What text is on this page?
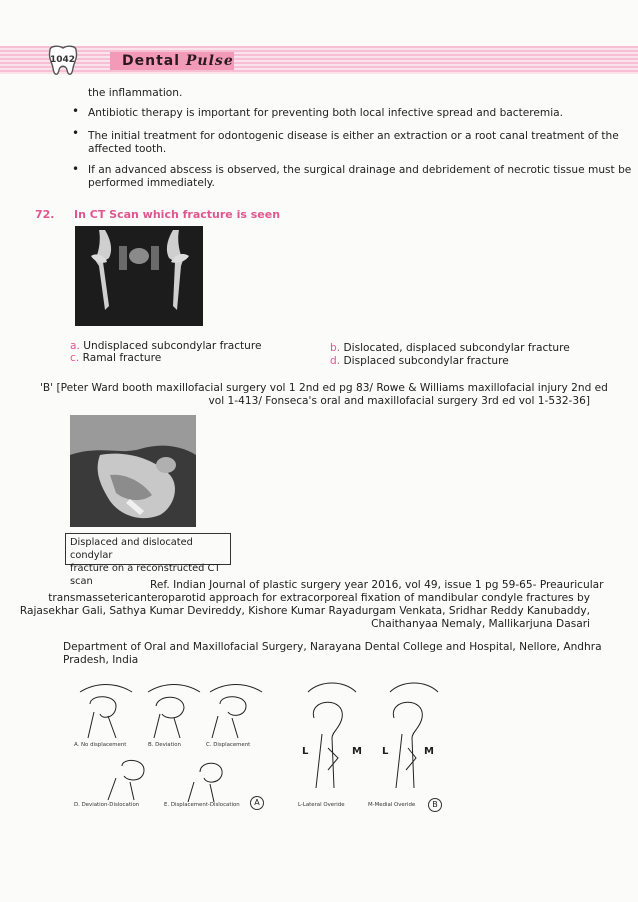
1042	Dental Pulse
the inflammation.
• Antibiotic therapy is important for preventing both local infective spread and bacteremia.
• The initial treatment for odontogenic disease is either an extraction or a root canal treatment of the
affected tooth.
• If an advanced abscess is observed, the surgical drainage and debridement of necrotic tissue must be
performed immediately.
72. In CT Scan which fracture is seen
a. Undisplaced subcondylar fracture	b. Dislocated, displaced subcondylar fracture
c. Ramal fracture	d. Displaced subcondylar fracture
'B' [Peter Ward booth maxillofacial surgery vol 1 2nd ed pg 83/ Rowe & Williams maxillofacial injury 2nd ed
vol 1-413/ Fonseca's oral and maxillofacial surgery 3rd ed vol 1-532-36]
Displaced and dislocated condylar
fracture on a reconstructed CT scan	Ref. Indian Journal of plastic surgery year 2016, vol 49, issue 1 pg 59-65- Preauricular
transmassetericanteroparotid approach for extracorporeal fixation of mandibular condyle fractures by
Rajasekhar Gali, Sathya Kumar Devireddy, Kishore Kumar Rayadurgam Venkata, Sridhar Reddy Kanubaddy,
Chaithanyaa Nemaly, Mallikarjuna Dasari
Department of Oral and Maxillofacial Surgery, Narayana Dental College and Hospital, Nellore, Andhra
Pradesh, India
A. No displacement	B. Deviation	C. Displacement
D. Deviation-Dislocation	E. Displacement-Dislocation	A
L	M L	M
L-Lateral Overide	M-Medial Overide	B
